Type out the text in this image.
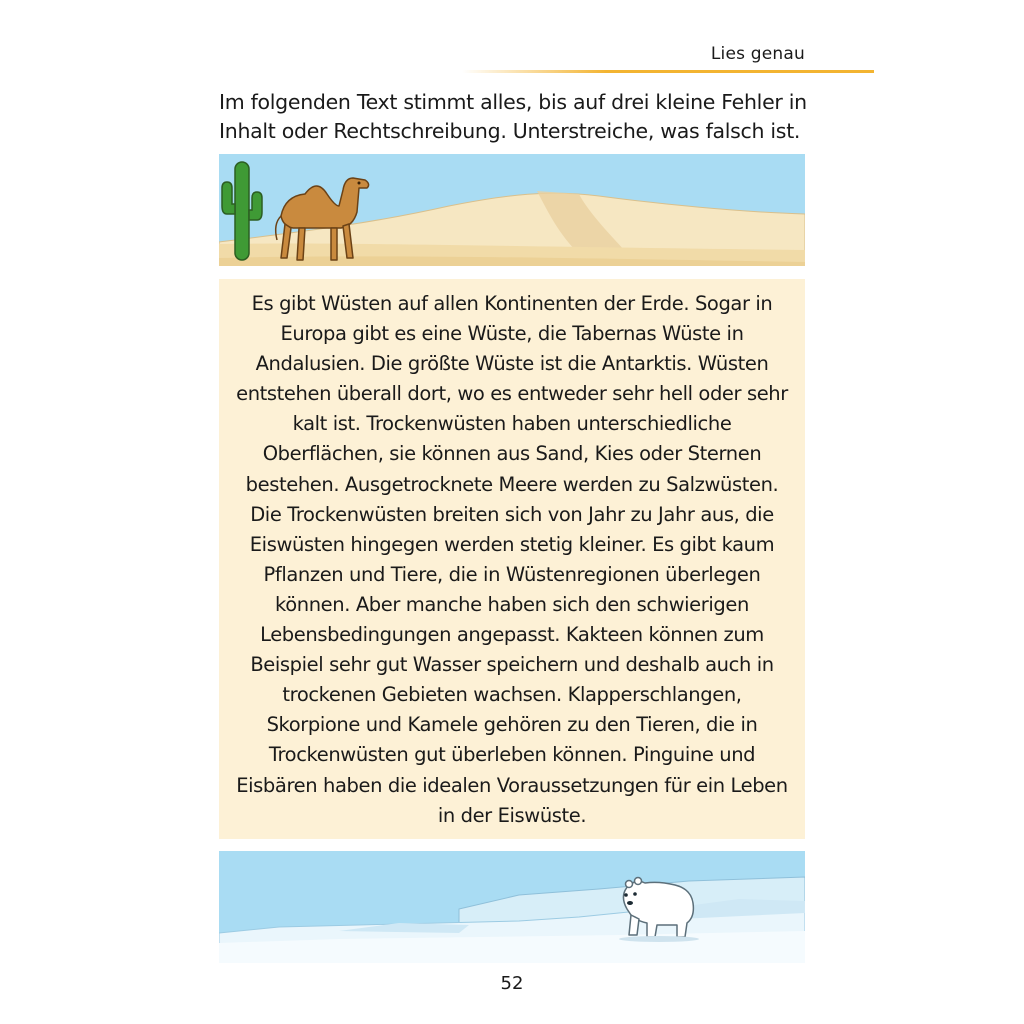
Lies genau
Im folgenden Text stimmt alles, bis auf drei kleine Fehler in Inhalt oder Rechtschreibung. Unterstreiche, was falsch ist.

Es gibt Wüsten auf allen Kontinenten der Erde. Sogar in Europa gibt es eine Wüste, die Tabernas Wüste in Andalusien. Die größte Wüste ist die Antarktis. Wüsten entstehen überall dort, wo es entweder sehr hell oder sehr kalt ist. Trockenwüsten haben unterschiedliche Oberflächen, sie können aus Sand, Kies oder Sternen bestehen. Ausgetrocknete Meere werden zu Salzwüsten. Die Trockenwüsten breiten sich von Jahr zu Jahr aus, die Eiswüsten hingegen werden stetig kleiner. Es gibt kaum Pflanzen und Tiere, die in Wüstenregionen überlegen können. Aber manche haben sich den schwierigen Lebensbedingungen angepasst. Kakteen können zum Beispiel sehr gut Wasser speichern und deshalb auch in trockenen Gebieten wachsen. Klapperschlangen, Skorpione und Kamele gehören zu den Tieren, die in Trockenwüsten gut überleben können. Pinguine und Eisbären haben die idealen Voraussetzungen für ein Leben in der Eiswüste.

52
